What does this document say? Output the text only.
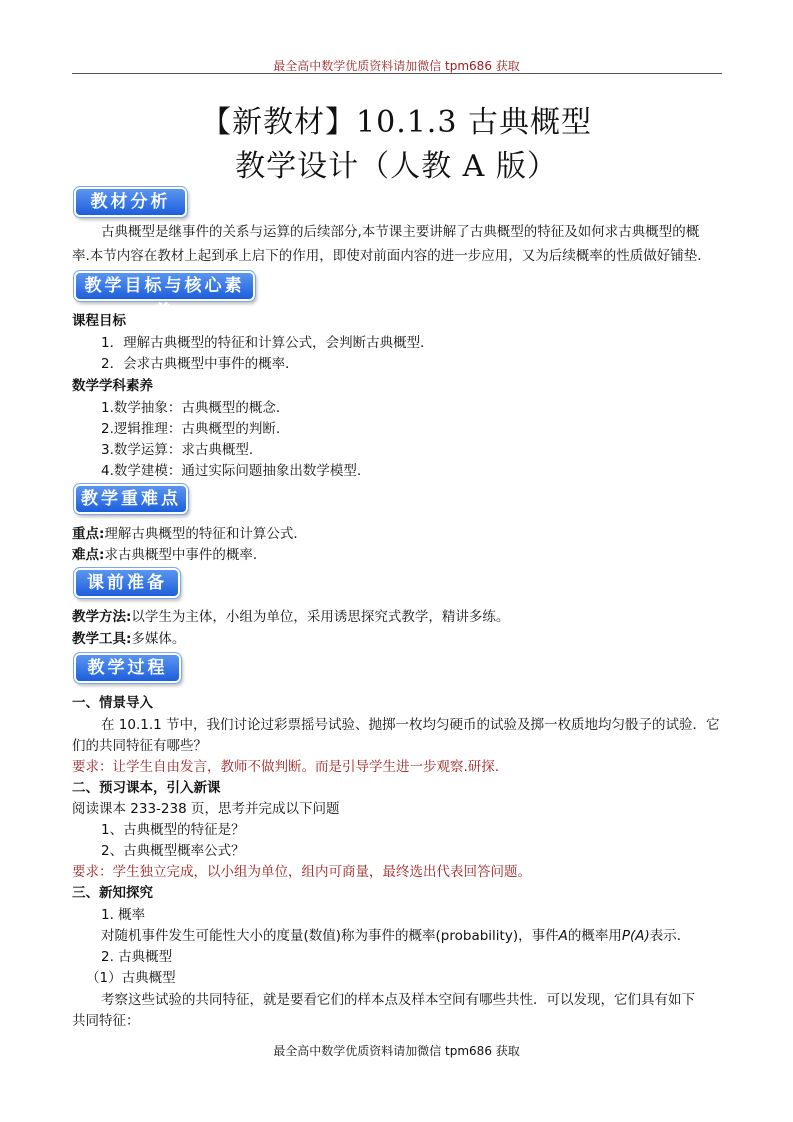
最全高中数学优质资料请加微信 tpm686 获取
【新教材】10.1.3 古典概型
教学设计（人教 A 版）
教材分析
古典概型是继事件的关系与运算的后续部分,本节课主要讲解了古典概型的特征及如何求古典概型的概
率.本节内容在教材上起到承上启下的作用，即使对前面内容的进一步应用，又为后续概率的性质做好铺垫.
教学目标与核心素养
课程目标
1．理解古典概型的特征和计算公式，会判断古典概型．
2．会求古典概型中事件的概率．
数学学科素养
1.数学抽象：古典概型的概念．
2.逻辑推理：古典概型的判断.
3.数学运算：求古典概型.
4.数学建模：通过实际问题抽象出数学模型.
教学重难点
重点:理解古典概型的特征和计算公式．
难点:求古典概型中事件的概率.
课前准备
教学方法:以学生为主体，小组为单位，采用诱思探究式教学，精讲多练。
教学工具:多媒体。
教学过程
一、情景导入
在 10.1.1 节中，我们讨论过彩票摇号试验、抛掷一枚均匀硬币的试验及掷一枚质地均匀骰子的试验．它
们的共同特征有哪些？
要求：让学生自由发言，教师不做判断。而是引导学生进一步观察.研探.
二、预习课本，引入新课
阅读课本 233-238 页，思考并完成以下问题
1、古典概型的特征是？
2、古典概型概率公式？
要求：学生独立完成，以小组为单位，组内可商量，最终选出代表回答问题。
三、新知探究
1. 概率
对随机事件发生可能性大小的度量(数值)称为事件的概率(probability)，事件A的概率用P(A)表示．
2. 古典概型
（1）古典概型
考察这些试验的共同特征，就是要看它们的样本点及样本空间有哪些共性．可以发现，它们具有如下
共同特征：
最全高中数学优质资料请加微信 tpm686 获取
